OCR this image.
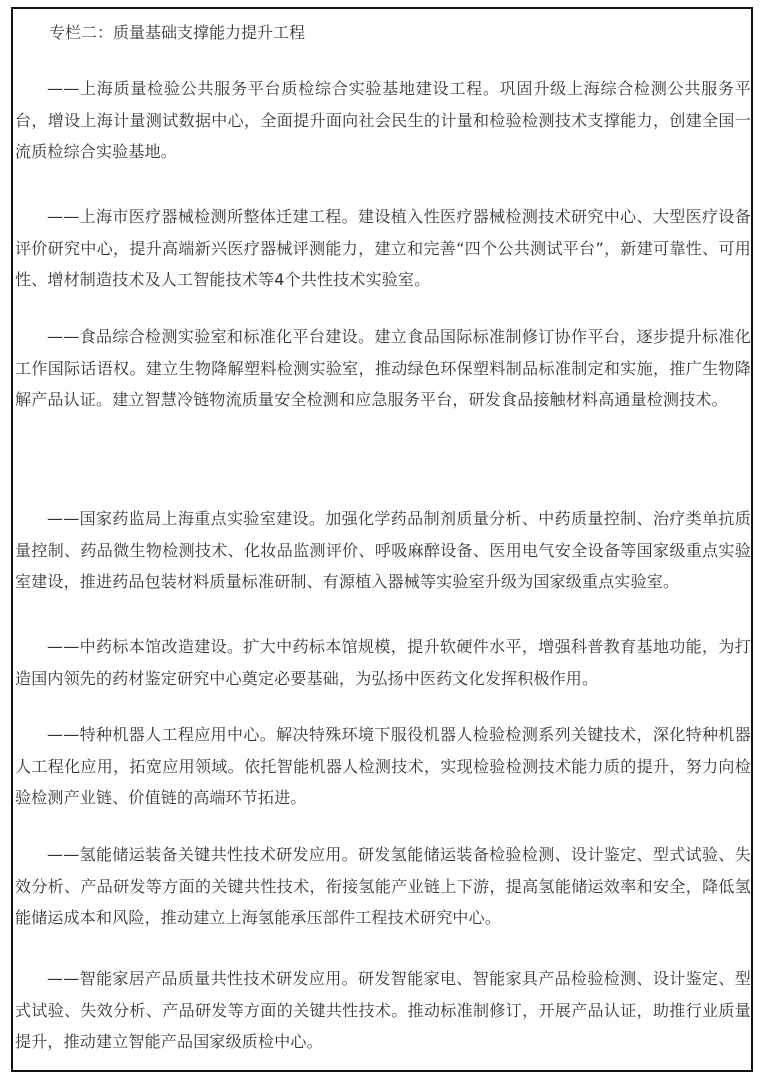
专栏二：质量基础支撑能力提升工程

——上海质量检验公共服务平台质检综合实验基地建设工程。巩固升级上海综合检测公共服务平台，增设上海计量测试数据中心，全面提升面向社会民生的计量和检验检测技术支撑能力，创建全国一流质检综合实验基地。

——上海市医疗器械检测所整体迁建工程。建设植入性医疗器械检测技术研究中心、大型医疗设备评价研究中心，提升高端新兴医疗器械评测能力，建立和完善“四个公共测试平台”，新建可靠性、可用性、增材制造技术及人工智能技术等4个共性技术实验室。

——食品综合检测实验室和标准化平台建设。建立食品国际标准制修订协作平台，逐步提升标准化工作国际话语权。建立生物降解塑料检测实验室，推动绿色环保塑料制品标准制定和实施，推广生物降解产品认证。建立智慧冷链物流质量安全检测和应急服务平台，研发食品接触材料高通量检测技术。

——国家药监局上海重点实验室建设。加强化学药品制剂质量分析、中药质量控制、治疗类单抗质量控制、药品微生物检测技术、化妆品监测评价、呼吸麻醉设备、医用电气安全设备等国家级重点实验室建设，推进药品包装材料质量标准研制、有源植入器械等实验室升级为国家级重点实验室。

——中药标本馆改造建设。扩大中药标本馆规模，提升软硬件水平，增强科普教育基地功能，为打造国内领先的药材鉴定研究中心奠定必要基础，为弘扬中医药文化发挥积极作用。

——特种机器人工程应用中心。解决特殊环境下服役机器人检验检测系列关键技术，深化特种机器人工程化应用，拓宽应用领域。依托智能机器人检测技术，实现检验检测技术能力质的提升，努力向检验检测产业链、价值链的高端环节拓进。

——氢能储运装备关键共性技术研发应用。研发氢能储运装备检验检测、设计鉴定、型式试验、失效分析、产品研发等方面的关键共性技术，衔接氢能产业链上下游，提高氢能储运效率和安全，降低氢能储运成本和风险，推动建立上海氢能承压部件工程技术研究中心。

——智能家居产品质量共性技术研发应用。研发智能家电、智能家具产品检验检测、设计鉴定、型式试验、失效分析、产品研发等方面的关键共性技术。推动标准制修订，开展产品认证，助推行业质量提升，推动建立智能产品国家级质检中心。
